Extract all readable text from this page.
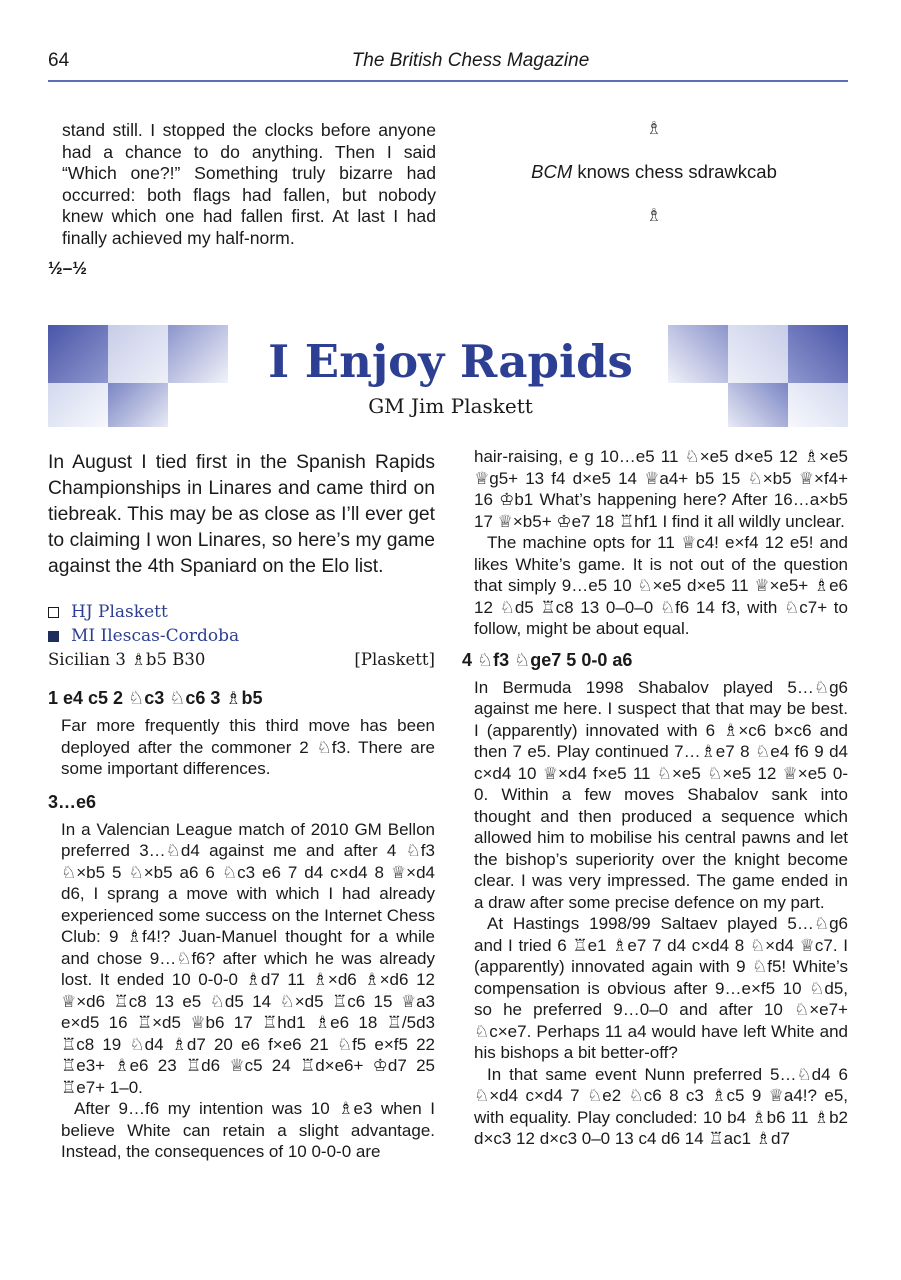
64	The British Chess Magazine

stand still. I stopped the clocks before anyone had a chance to do anything. Then I said “Which one?!” Something truly bizarre had occurred: both flags had fallen, but nobody knew which one had fallen first. At last I had finally achieved my half-norm.

½–½
♗
BCM knows chess sdrawkcab
♗
I Enjoy Rapids
GM Jim Plaskett

In August I tied first in the Spanish Rapids Championships in Linares and came third on tiebreak. This may be as close as I’ll ever get to claiming I won Linares, so here’s my game against the 4th Spaniard on the Elo list.

HJ Plaskett

MI Ilescas-Cordoba

Sicilian 3 ♗b5 B30	[Plaskett]

1 e4 c5 2 ♘c3 ♘c6 3 ♗b5

Far more frequently this third move has been deployed after the commoner 2 ♘f3. There are some important differences.

3…e6

In a Valencian League match of 2010 GM Bellon preferred 3…♘d4 against me and after 4 ♘f3 ♘×b5 5 ♘×b5 a6 6 ♘c3 e6 7 d4 c×d4 8 ♕×d4 d6, I sprang a move with which I had already experienced some success on the Internet Chess Club: 9 ♗f4!? Juan-Manuel thought for a while and chose 9…♘f6? after which he was already lost. It ended 10 0-0-0 ♗d7 11 ♗×d6 ♗×d6 12 ♕×d6 ♖c8 13 e5 ♘d5 14 ♘×d5 ♖c6 15 ♕a3 e×d5 16 ♖×d5 ♕b6 17 ♖hd1 ♗e6 18 ♖/5d3 ♖c8 19 ♘d4 ♗d7 20 e6 f×e6 21 ♘f5 e×f5 22 ♖e3+ ♗e6 23 ♖d6 ♕c5 24 ♖d×e6+ ♔d7 25 ♖e7+ 1–0.

After 9…f6 my intention was 10 ♗e3 when I believe White can retain a slight advantage. Instead, the consequences of 10 0-0-0 are

hair-raising, e g 10…e5 11 ♘×e5 d×e5 12 ♗×e5 ♕g5+ 13 f4 d×e5 14 ♕a4+ b5 15 ♘×b5 ♕×f4+ 16 ♔b1 What’s happening here? After 16…a×b5 17 ♕×b5+ ♔e7 18 ♖hf1 I find it all wildly unclear.

The machine opts for 11 ♕c4! e×f4 12 e5! and likes White’s game. It is not out of the question that simply 9…e5 10 ♘×e5 d×e5 11 ♕×e5+ ♗e6 12 ♘d5 ♖c8 13 0–0–0 ♘f6 14 f3, with ♘c7+ to follow, might be about equal.

4 ♘f3 ♘ge7 5 0-0 a6

In Bermuda 1998 Shabalov played 5…♘g6 against me here. I suspect that that may be best. I (apparently) innovated with 6 ♗×c6 b×c6 and then 7 e5. Play continued 7…♗e7 8 ♘e4 f6 9 d4 c×d4 10 ♕×d4 f×e5 11 ♘×e5 ♘×e5 12 ♕×e5 0-0. Within a few moves Shabalov sank into thought and then produced a sequence which allowed him to mobilise his central pawns and let the bishop’s superiority over the knight become clear. I was very impressed. The game ended in a draw after some precise defence on my part.

At Hastings 1998/99 Saltaev played 5…♘g6 and I tried 6 ♖e1 ♗e7 7 d4 c×d4 8 ♘×d4 ♕c7. I (apparently) innovated again with 9 ♘f5! White’s compensation is obvious after 9…e×f5 10 ♘d5, so he preferred 9…0–0 and after 10 ♘×e7+ ♘c×e7. Perhaps 11 a4 would have left White and his bishops a bit better-off?

In that same event Nunn preferred 5…♘d4 6 ♘×d4 c×d4 7 ♘e2 ♘c6 8 c3 ♗c5 9 ♕a4!? e5, with equality. Play concluded: 10 b4 ♗b6 11 ♗b2 d×c3 12 d×c3 0–0 13 c4 d6 14 ♖ac1 ♗d7
